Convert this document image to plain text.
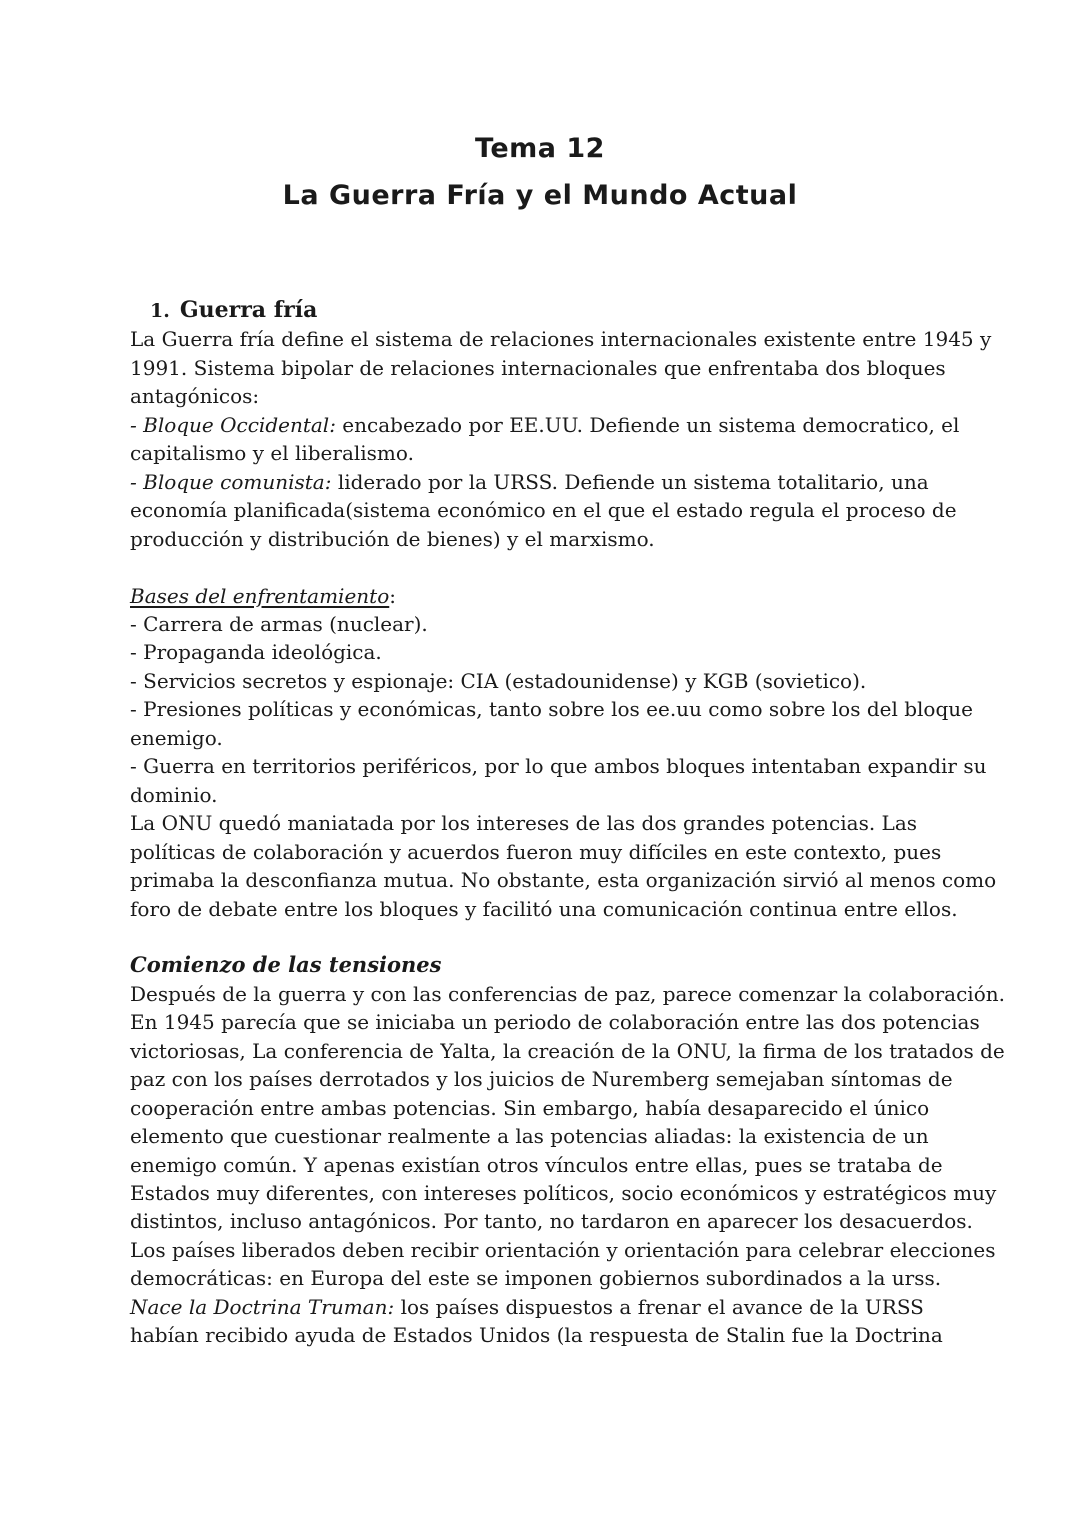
Tema 12
La Guerra Fría y el Mundo Actual
1. Guerra fría
La Guerra fría define el sistema de relaciones internacionales existente entre 1945 y
1991. Sistema bipolar de relaciones internacionales que enfrentaba dos bloques
antagónicos:
- Bloque Occidental: encabezado por EE.UU. Defiende un sistema democratico, el
capitalismo y el liberalismo.
- Bloque comunista: liderado por la URSS. Defiende un sistema totalitario, una
economía planificada(sistema económico en el que el estado regula el proceso de
producción y distribución de bienes) y el marxismo.
Bases del enfrentamiento:
- Carrera de armas (nuclear).
- Propaganda ideológica.
- Servicios secretos y espionaje: CIA (estadounidense) y KGB (sovietico).
- Presiones políticas y económicas, tanto sobre los ee.uu como sobre los del bloque
enemigo.
- Guerra en territorios periféricos, por lo que ambos bloques intentaban expandir su
dominio.
La ONU quedó maniatada por los intereses de las dos grandes potencias. Las
políticas de colaboración y acuerdos fueron muy difíciles en este contexto, pues
primaba la desconfianza mutua. No obstante, esta organización sirvió al menos como
foro de debate entre los bloques y facilitó una comunicación continua entre ellos.
Comienzo de las tensiones
Después de la guerra y con las conferencias de paz, parece comenzar la colaboración.
En 1945 parecía que se iniciaba un periodo de colaboración entre las dos potencias
victoriosas, La conferencia de Yalta, la creación de la ONU, la firma de los tratados de
paz con los países derrotados y los juicios de Nuremberg semejaban síntomas de
cooperación entre ambas potencias. Sin embargo, había desaparecido el único
elemento que cuestionar realmente a las potencias aliadas: la existencia de un
enemigo común. Y apenas existían otros vínculos entre ellas, pues se trataba de
Estados muy diferentes, con intereses políticos, socio económicos y estratégicos muy
distintos, incluso antagónicos. Por tanto, no tardaron en aparecer los desacuerdos.
Los países liberados deben recibir orientación y orientación para celebrar elecciones
democráticas: en Europa del este se imponen gobiernos subordinados a la urss.
Nace la Doctrina Truman: los países dispuestos a frenar el avance de la URSS
habían recibido ayuda de Estados Unidos (la respuesta de Stalin fue la Doctrina
